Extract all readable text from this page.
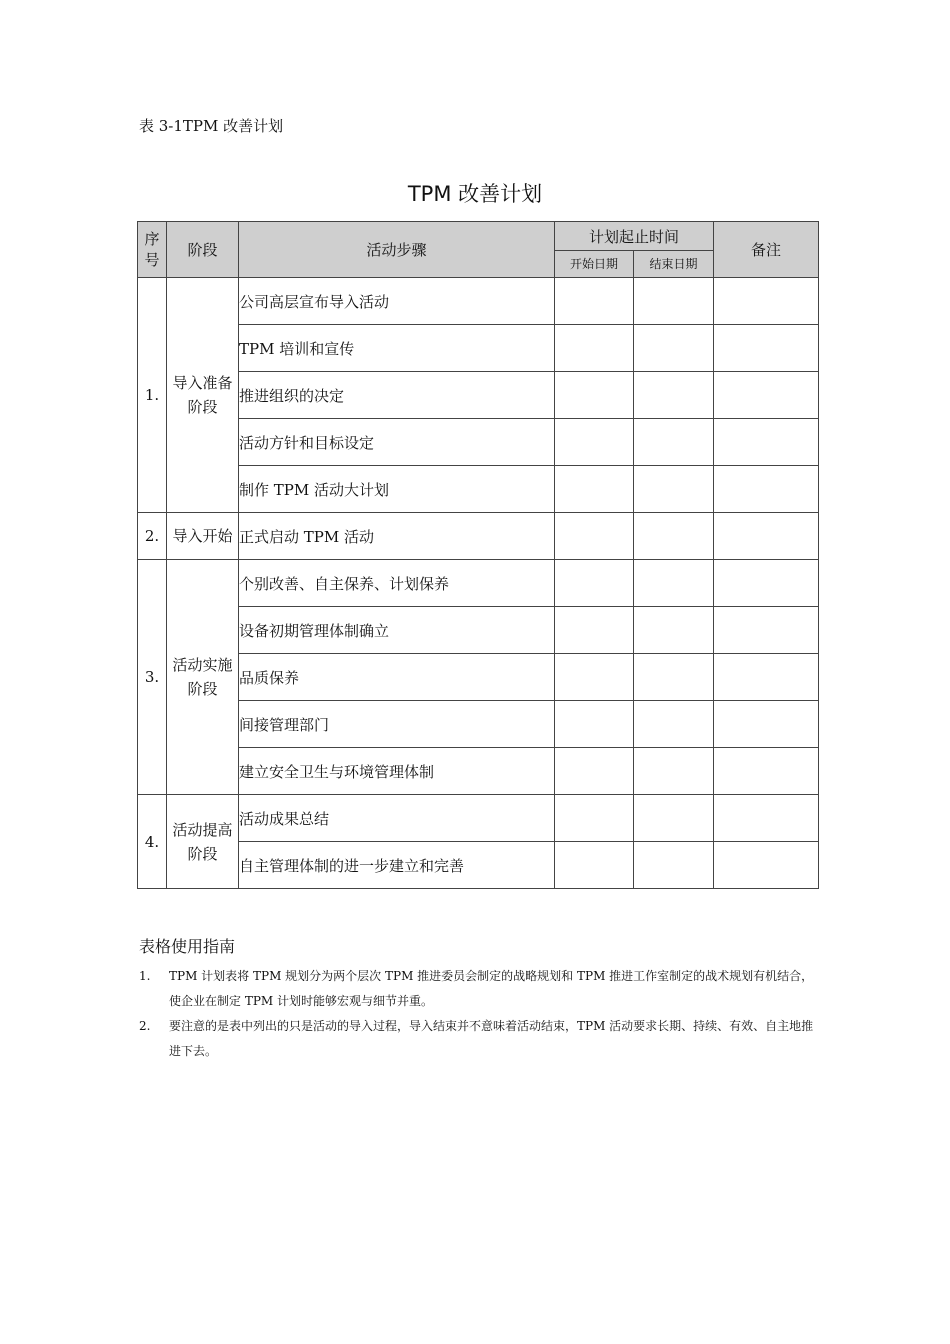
表 3-1TPM 改善计划
TPM 改善计划
序号	阶段	活动步骤	计划起止时间		备注
			开始日期	结束日期	
1.	导入准备阶段	公司高层宣布导入活动			
		TPM 培训和宣传			
		推进组织的决定			
		活动方针和目标设定			
		制作 TPM 活动大计划			
2.	导入开始	正式启动 TPM 活动			
3.	活动实施阶段	个别改善、自主保养、计划保养			
		设备初期管理体制确立			
		品质保养			
		间接管理部门			
		建立安全卫生与环境管理体制			
4.	活动提高阶段	活动成果总结			
		自主管理体制的进一步建立和完善			
表格使用指南
1. TPM 计划表将 TPM 规划分为两个层次 TPM 推进委员会制定的战略规划和 TPM 推进工作室制定的战术规划有机结合，使企业在制定 TPM 计划时能够宏观与细节并重。
2. 要注意的是表中列出的只是活动的导入过程，导入结束并不意味着活动结束，TPM 活动要求长期、持续、有效、自主地推进下去。
